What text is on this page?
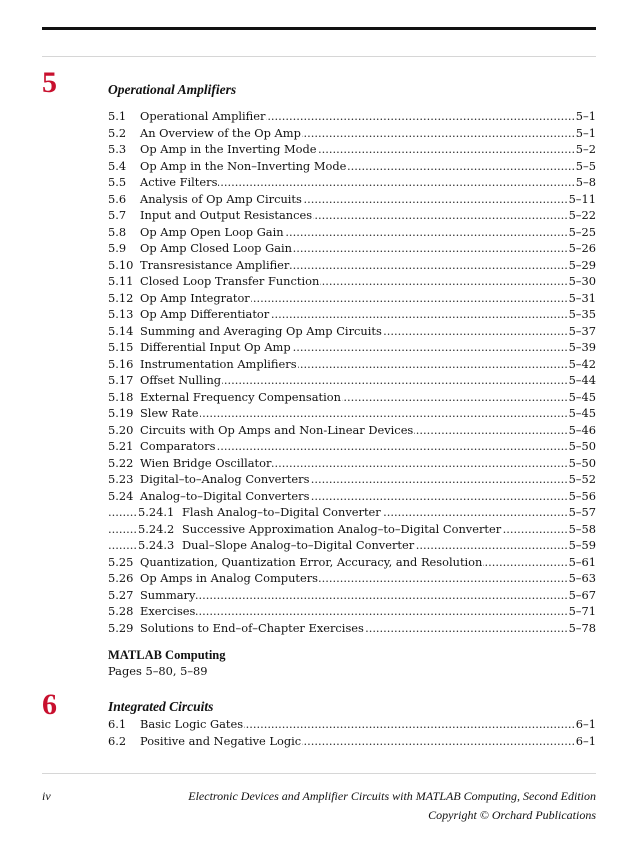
5	Operational Amplifiers
.....
5.1 Operational Amplifier	5–1
.....
5.2 An Overview of the Op Amp	5–1
.....
5.3 Op Amp in the Inverting Mode	5–2
.....
5.4 Op Amp in the Non–Inverting Mode	5–5
.....
5.5 Active Filters	5–8
.....
5.6 Analysis of Op Amp Circuits	5–11
.....
5.7 Input and Output Resistances	5–22
.....
5.8 Op Amp Open Loop Gain	5–25
.....
5.9 Op Amp Closed Loop Gain	5–26
.....
5.10 Transresistance Amplifier	5–29
.....
5.11 Closed Loop Transfer Function	5–30
.....
5.12 Op Amp Integrator	5–31
.....
5.13 Op Amp Differentiator	5–35
.....
5.14 Summing and Averaging Op Amp Circuits	5–37
.....
5.15 Differential Input Op Amp	5–39
.....
5.16 Instrumentation Amplifiers	5–42
.....
5.17 Offset Nulling	5–44
.....
5.18 External Frequency Compensation	5–45
.....
5.19 Slew Rate	5–45
.....
5.20 Circuits with Op Amps and Non-Linear Devices	5–46
.....
5.21 Comparators	5–50
.....
5.22 Wien Bridge Oscillator	5–50
.....
5.23 Digital–to–Analog Converters	5–52
.....
5.24 Analog–to–Digital Converters	5–56
.....
5.24.1 Flash Analog–to–Digital Converter	5–57
.....
5.24.2 Successive Approximation Analog–to–Digital Converter	5–58
.....
5.24.3 Dual–Slope Analog–to–Digital Converter	5–59
.....
5.25 Quantization, Quantization Error, Accuracy, and Resolution	5–61
.....
5.26 Op Amps in Analog Computers	5–63
.....
5.27 Summary	5–67
.....
5.28 Exercises	5–71
.....
5.29 Solutions to End–of–Chapter Exercises	5–78
MATLAB Computing
Pages 5–80, 5–89
6	Integrated Circuits
.....
6.1 Basic Logic Gates	6–1
.....
6.2 Positive and Negative Logic	6–1
iv	Electronic Devices and Amplifier Circuits with MATLAB Computing, Second Edition
Copyright © Orchard Publications
